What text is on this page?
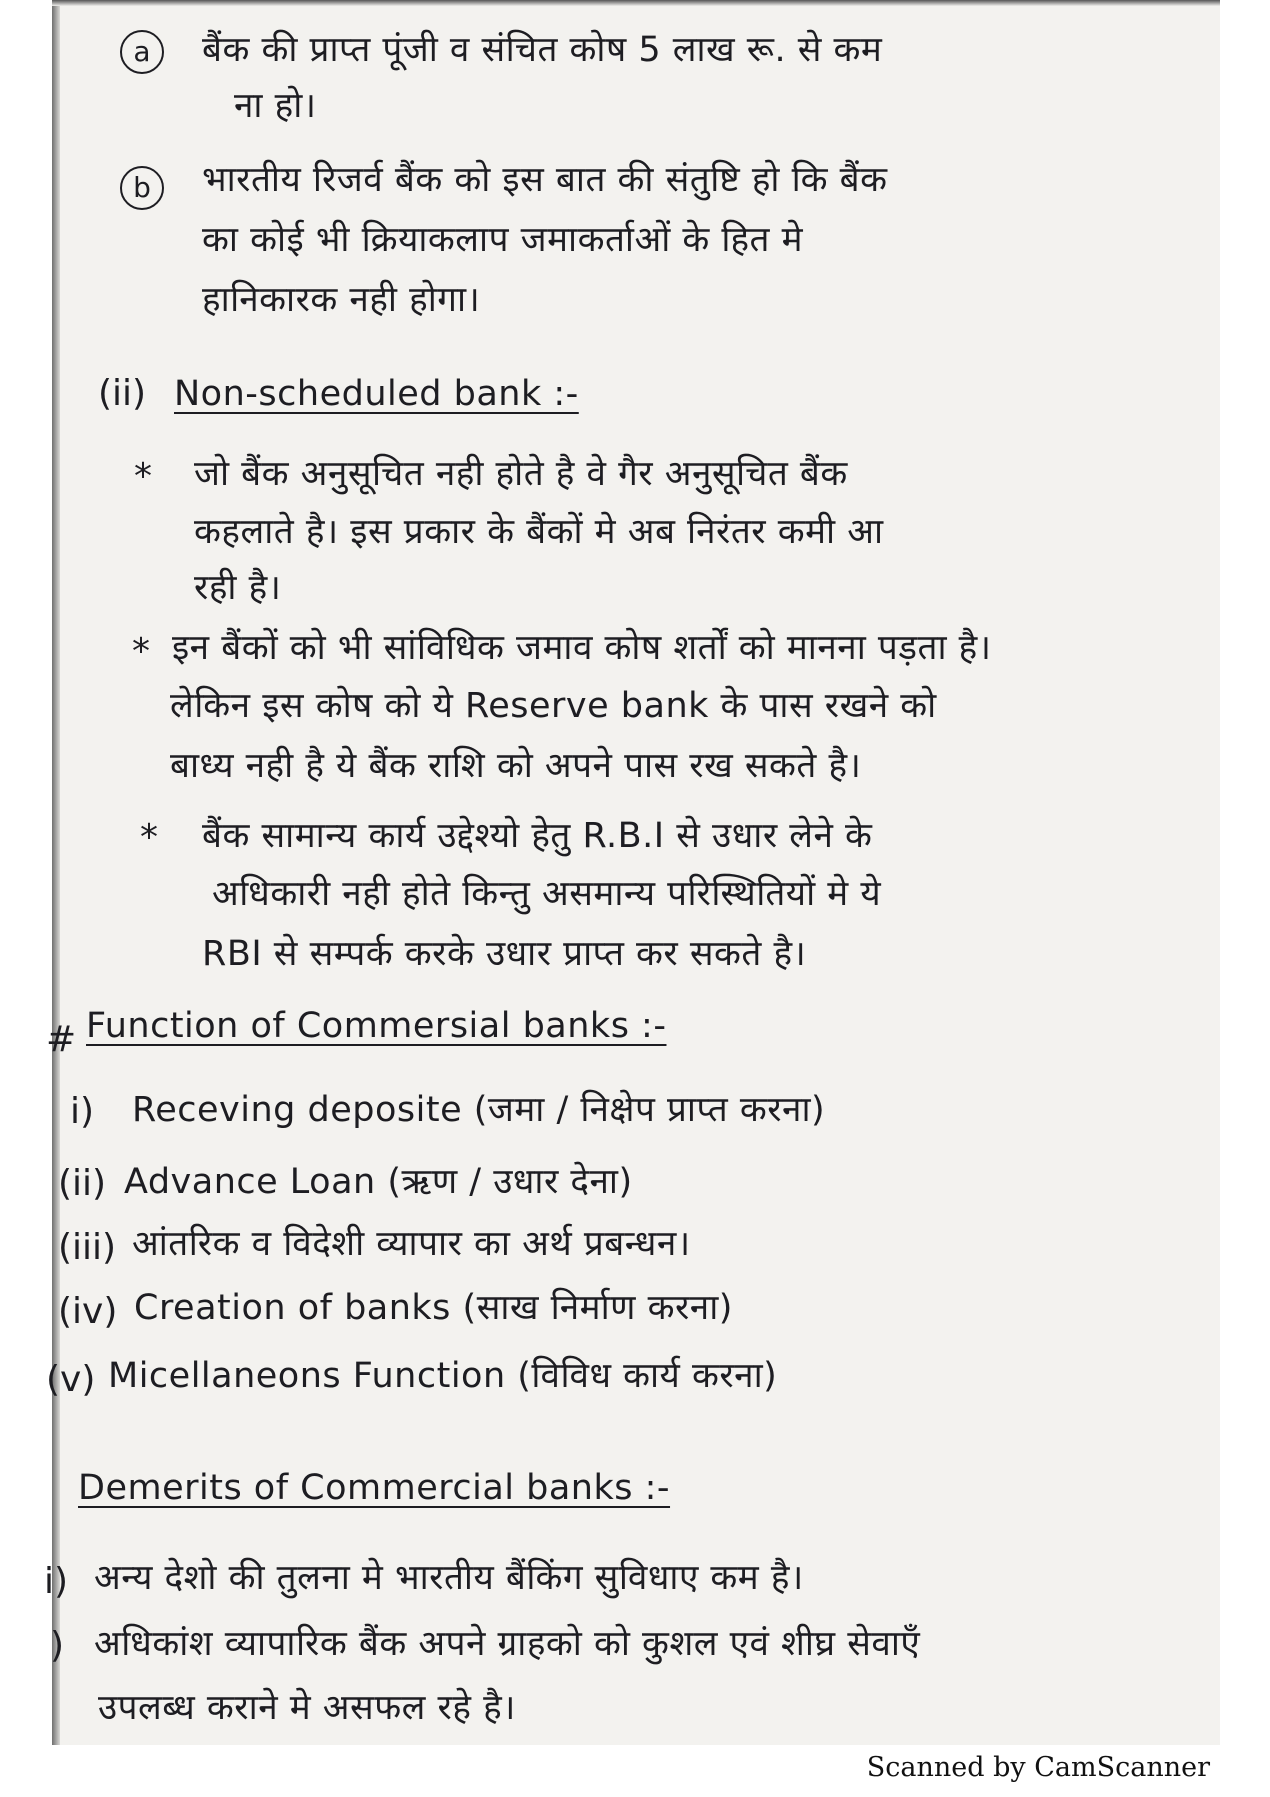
a	बैंक की प्राप्त पूंजी व संचित कोष 5 लाख रू. से कम
ना हो।
b	भारतीय रिजर्व बैंक को इस बात की संतुष्टि हो कि बैंक
का कोई भी क्रियाकलाप जमाकर्ताओं के हित मे
हानिकारक नही होगा।
(ii) Non-scheduled bank :-
* जो बैंक अनुसूचित नही होते है वे गैर अनुसूचित बैंक
कहलाते है। इस प्रकार के बैंकों मे अब निरंतर कमी आ
रही है।
* इन बैंकों को भी सांविधिक जमाव कोष शर्तों को मानना पड़ता है।
लेकिन इस कोष को ये Reserve bank के पास रखने को
बाध्य नही है ये बैंक राशि को अपने पास रख सकते है।
* बैंक सामान्य कार्य उद्देश्यो हेतु R.B.I से उधार लेने के
अधिकारी नही होते किन्तु असमान्य परिस्थितियों मे ये
RBI से सम्पर्क करके उधार प्राप्त कर सकते है।
# Function of Commersial banks :-
i) Receving deposite (जमा / निक्षेप प्राप्त करना)
(ii) Advance Loan (ऋण / उधार देना)
(iii) आंतरिक व विदेशी व्यापार का अर्थ प्रबन्धन।
(iv) Creation of banks (साख निर्माण करना)
(v) Micellaneons Function (विविध कार्य करना)
Demerits of Commercial banks :-
i) अन्य देशो की तुलना मे भारतीय बैंकिंग सुविधाए कम है।
) अधिकांश व्यापारिक बैंक अपने ग्राहको को कुशल एवं शीघ्र सेवाएँ
उपलब्ध कराने मे असफल रहे है।
Scanned by CamScanner
